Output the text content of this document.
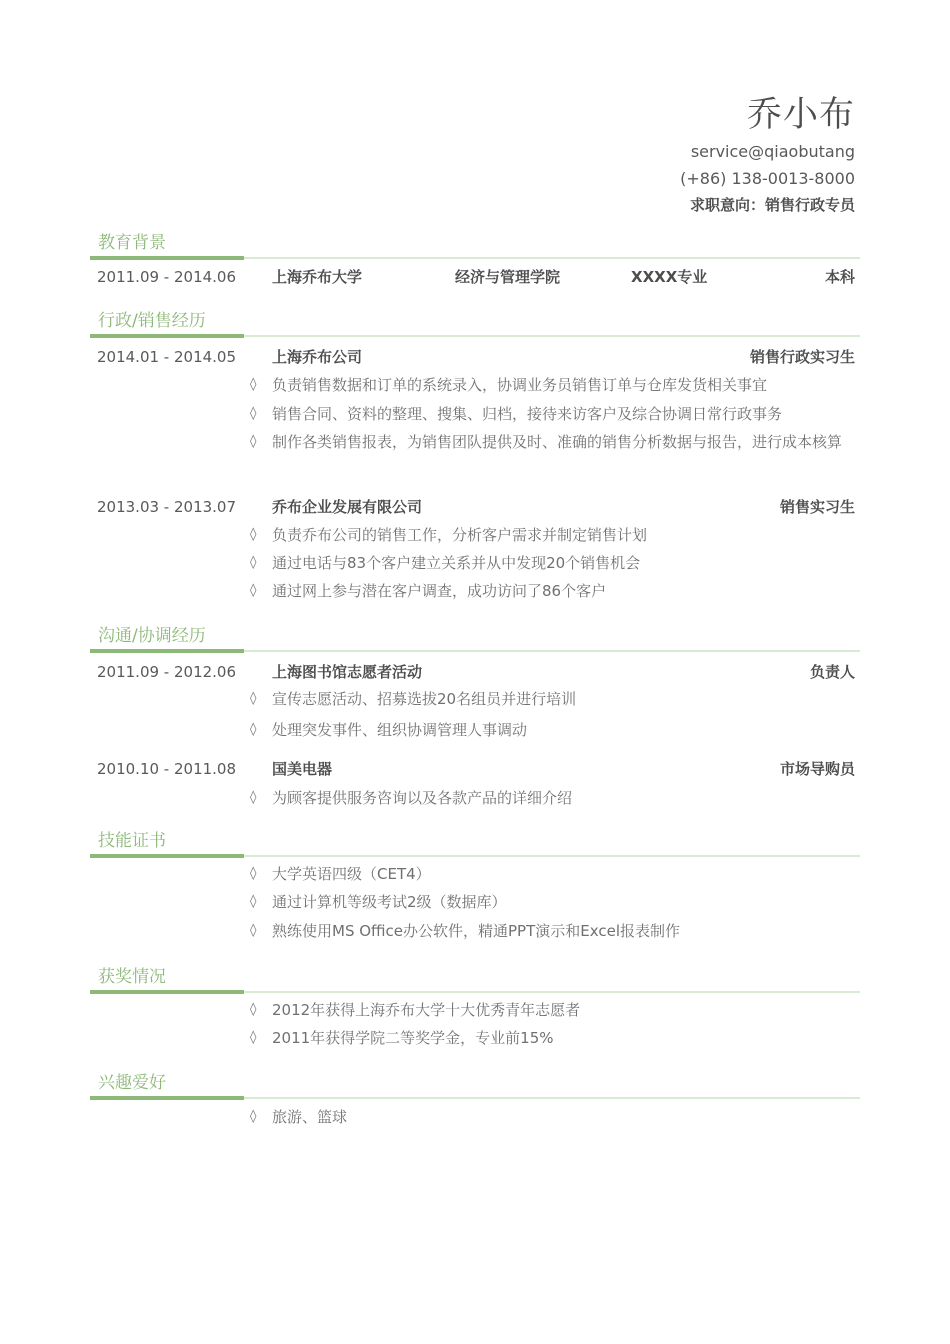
乔小布
service@qiaobutang
(+86) 138-0013-8000
求职意向：销售行政专员
教育背景
2011.09 - 2014.06 上海乔布大学	经济与管理学院	XXXX专业	本科
行政/销售经历
2014.01 - 2014.05 上海乔布公司	销售行政实习生
◊ 负责销售数据和订单的系统录入，协调业务员销售订单与仓库发货相关事宜
◊ 销售合同、资料的整理、搜集、归档，接待来访客户及综合协调日常行政事务
◊ 制作各类销售报表，为销售团队提供及时、准确的销售分析数据与报告，进行成本核算
2013.03 - 2013.07 乔布企业发展有限公司	销售实习生
◊ 负责乔布公司的销售工作，分析客户需求并制定销售计划
◊ 通过电话与83个客户建立关系并从中发现20个销售机会
◊ 通过网上参与潜在客户调查，成功访问了86个客户
沟通/协调经历
2011.09 - 2012.06 上海图书馆志愿者活动	负责人
◊ 宣传志愿活动、招募选拔20名组员并进行培训
◊ 处理突发事件、组织协调管理人事调动
2010.10 - 2011.08 国美电器	市场导购员
◊ 为顾客提供服务咨询以及各款产品的详细介绍
技能证书
◊ 大学英语四级（CET4）
◊ 通过计算机等级考试2级（数据库）
◊ 熟练使用MS Office办公软件，精通PPT演示和Excel报表制作
获奖情况
◊ 2012年获得上海乔布大学十大优秀青年志愿者
◊ 2011年获得学院二等奖学金，专业前15%
兴趣爱好
◊ 旅游、篮球
